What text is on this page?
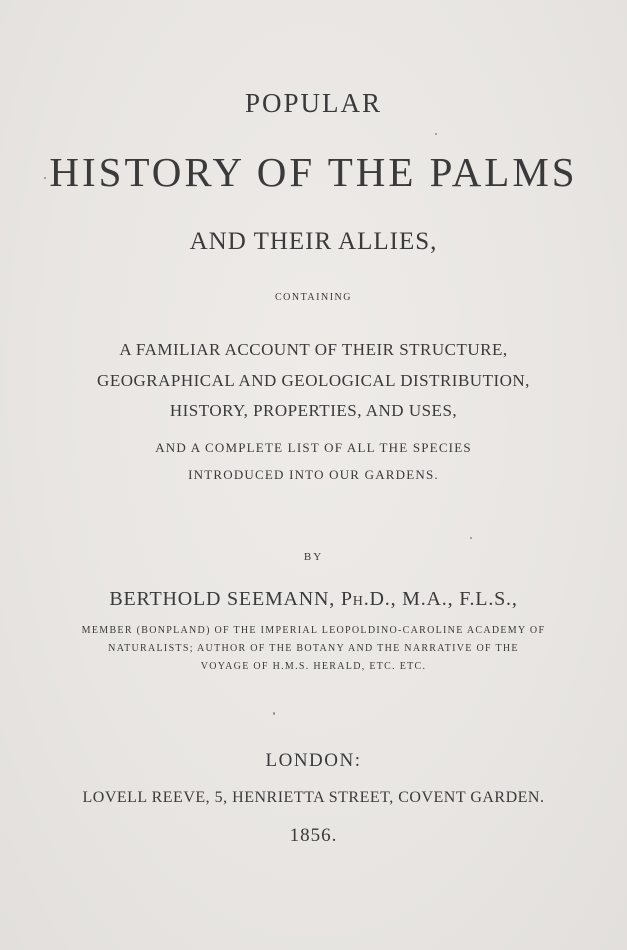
POPULAR

HISTORY OF THE PALMS

AND THEIR ALLIES,

CONTAINING

A FAMILIAR ACCOUNT OF THEIR STRUCTURE,

GEOGRAPHICAL AND GEOLOGICAL DISTRIBUTION,

HISTORY, PROPERTIES, AND USES,

AND A COMPLETE LIST OF ALL THE SPECIES

INTRODUCED INTO OUR GARDENS.

BY

BERTHOLD SEEMANN, Ph.D., M.A., F.L.S.,

MEMBER (BONPLAND) OF THE IMPERIAL LEOPOLDINO-CAROLINE ACADEMY OF

NATURALISTS; AUTHOR OF THE BOTANY AND THE NARRATIVE OF THE

VOYAGE OF H.M.S. HERALD, ETC. ETC.

LONDON:

LOVELL REEVE, 5, HENRIETTA STREET, COVENT GARDEN.

1856.
